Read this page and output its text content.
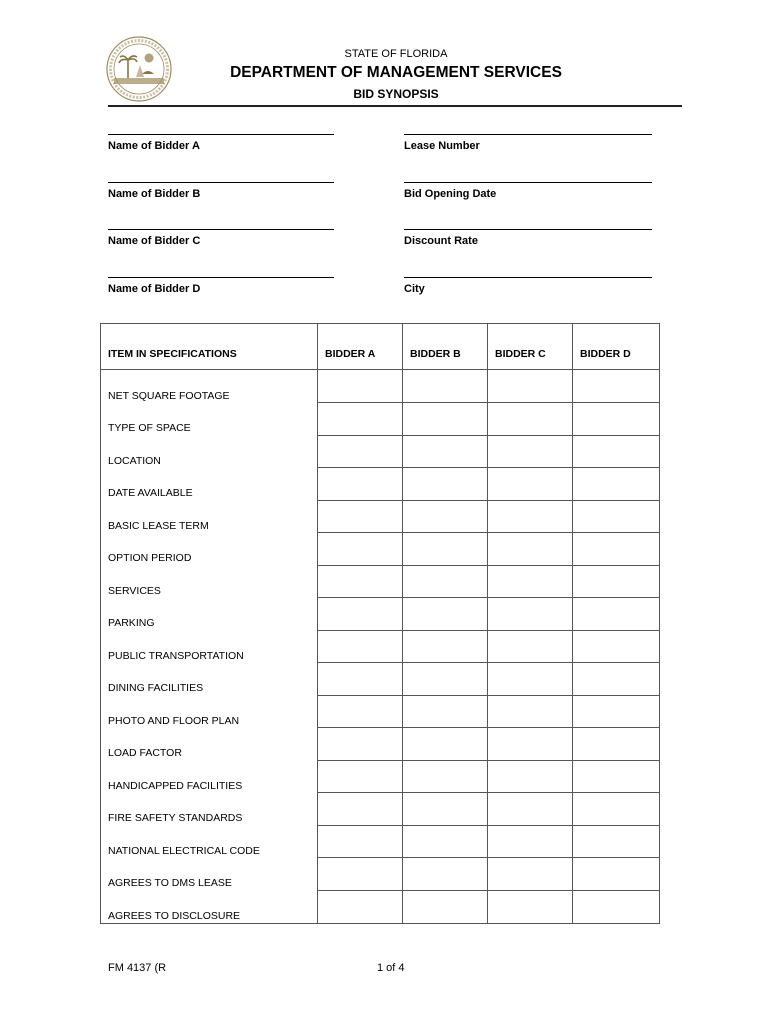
STATE OF FLORIDA
DEPARTMENT OF MANAGEMENT SERVICES
BID SYNOPSIS
Name of Bidder A
Name of Bidder B
Name of Bidder C
Name of Bidder D
Lease Number
Bid Opening Date
Discount Rate
City
ITEM IN SPECIFICATIONS	BIDDER A	BIDDER B	BIDDER C	BIDDER D
NET SQUARE FOOTAGE				
TYPE OF SPACE				
LOCATION				
DATE AVAILABLE				
BASIC LEASE TERM				
OPTION PERIOD				
SERVICES				
PARKING				
PUBLIC TRANSPORTATION				
DINING FACILITIES				
PHOTO AND FLOOR PLAN				
LOAD FACTOR				
HANDICAPPED FACILITIES				
FIRE SAFETY STANDARDS				
NATIONAL ELECTRICAL CODE				
AGREES TO DMS LEASE				
AGREES TO DISCLOSURE				
FM 4137 (R	1 of 4
